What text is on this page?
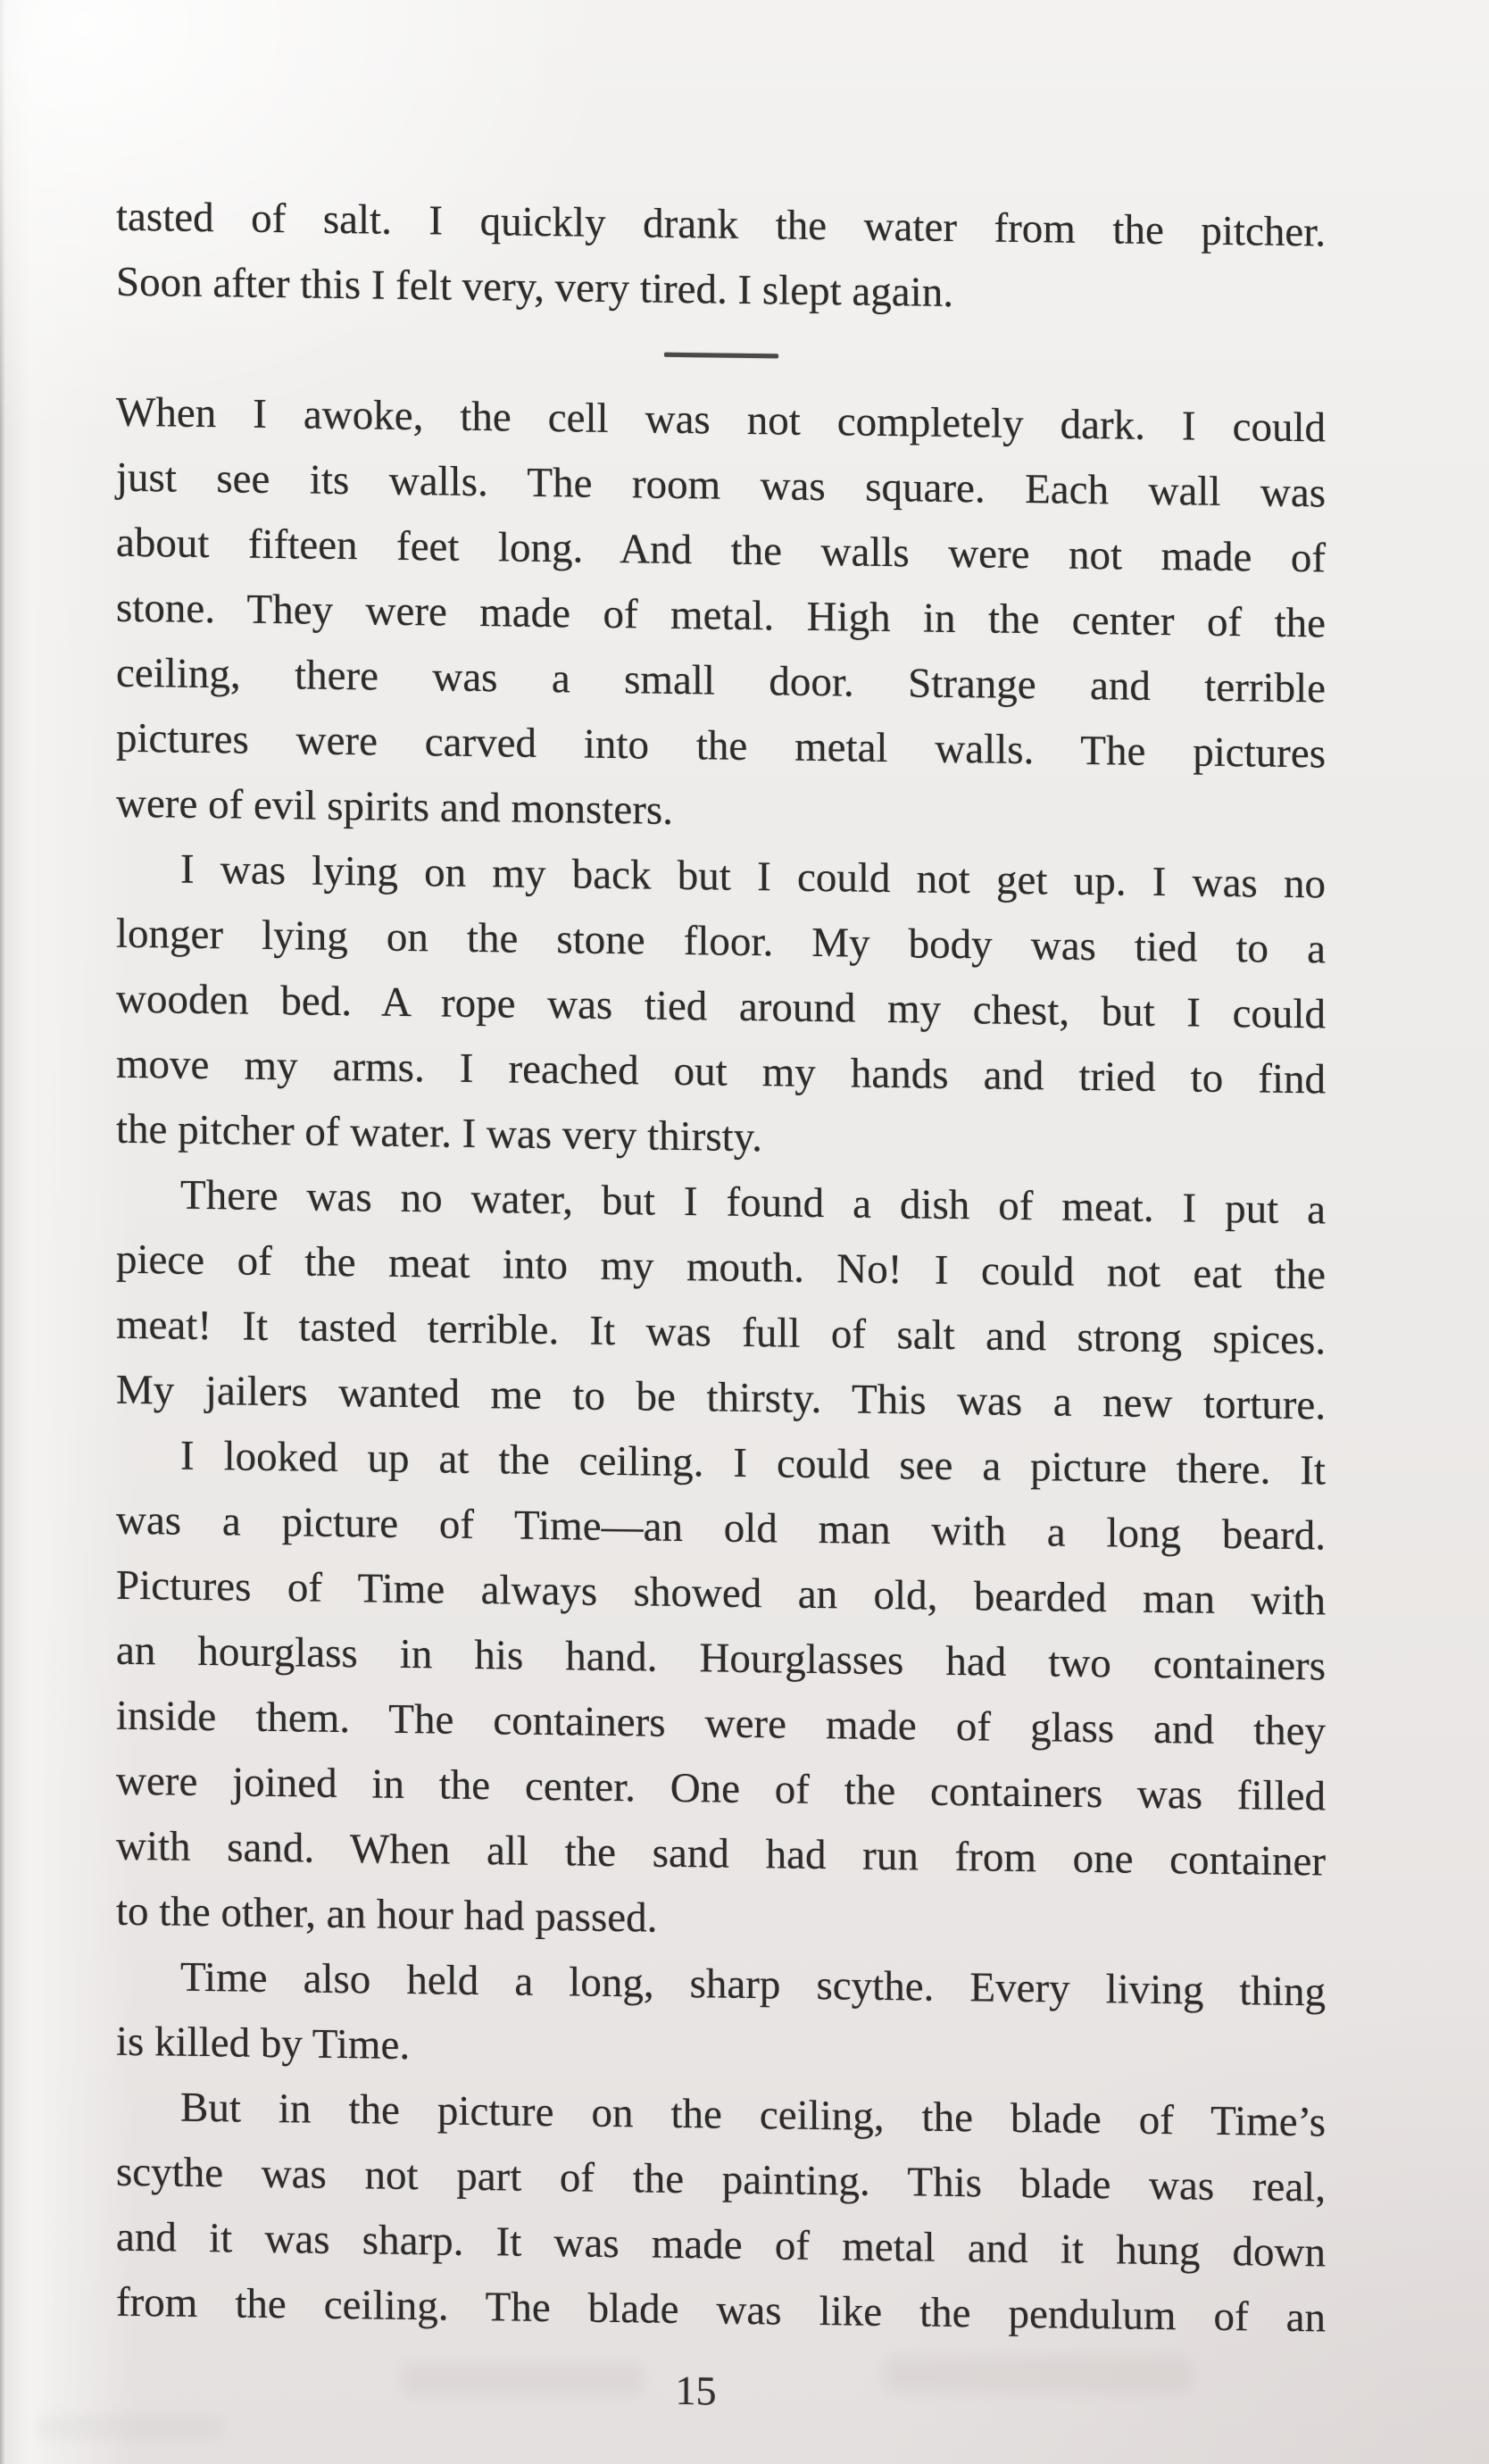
tasted of salt. I quickly drank the water from the pitcher.
Soon after this I felt very, very tired. I slept again.
When I awoke, the cell was not completely dark. I could
just see its walls. The room was square. Each wall was
about fifteen feet long. And the walls were not made of
stone. They were made of metal. High in the center of the
ceiling, there was a small door. Strange and terrible
pictures were carved into the metal walls. The pictures
were of evil spirits and monsters.
I was lying on my back but I could not get up. I was no
longer lying on the stone floor. My body was tied to a
wooden bed. A rope was tied around my chest, but I could
move my arms. I reached out my hands and tried to find
the pitcher of water. I was very thirsty.
There was no water, but I found a dish of meat. I put a
piece of the meat into my mouth. No! I could not eat the
meat! It tasted terrible. It was full of salt and strong spices.
My jailers wanted me to be thirsty. This was a new torture.
I looked up at the ceiling. I could see a picture there. It
was a picture of Time—an old man with a long beard.
Pictures of Time always showed an old, bearded man with
an hourglass in his hand. Hourglasses had two containers
inside them. The containers were made of glass and they
were joined in the center. One of the containers was filled
with sand. When all the sand had run from one container
to the other, an hour had passed.
Time also held a long, sharp scythe. Every living thing
is killed by Time.
But in the picture on the ceiling, the blade of Time’s
scythe was not part of the painting. This blade was real,
and it was sharp. It was made of metal and it hung down
from the ceiling. The blade was like the pendulum of an
15
